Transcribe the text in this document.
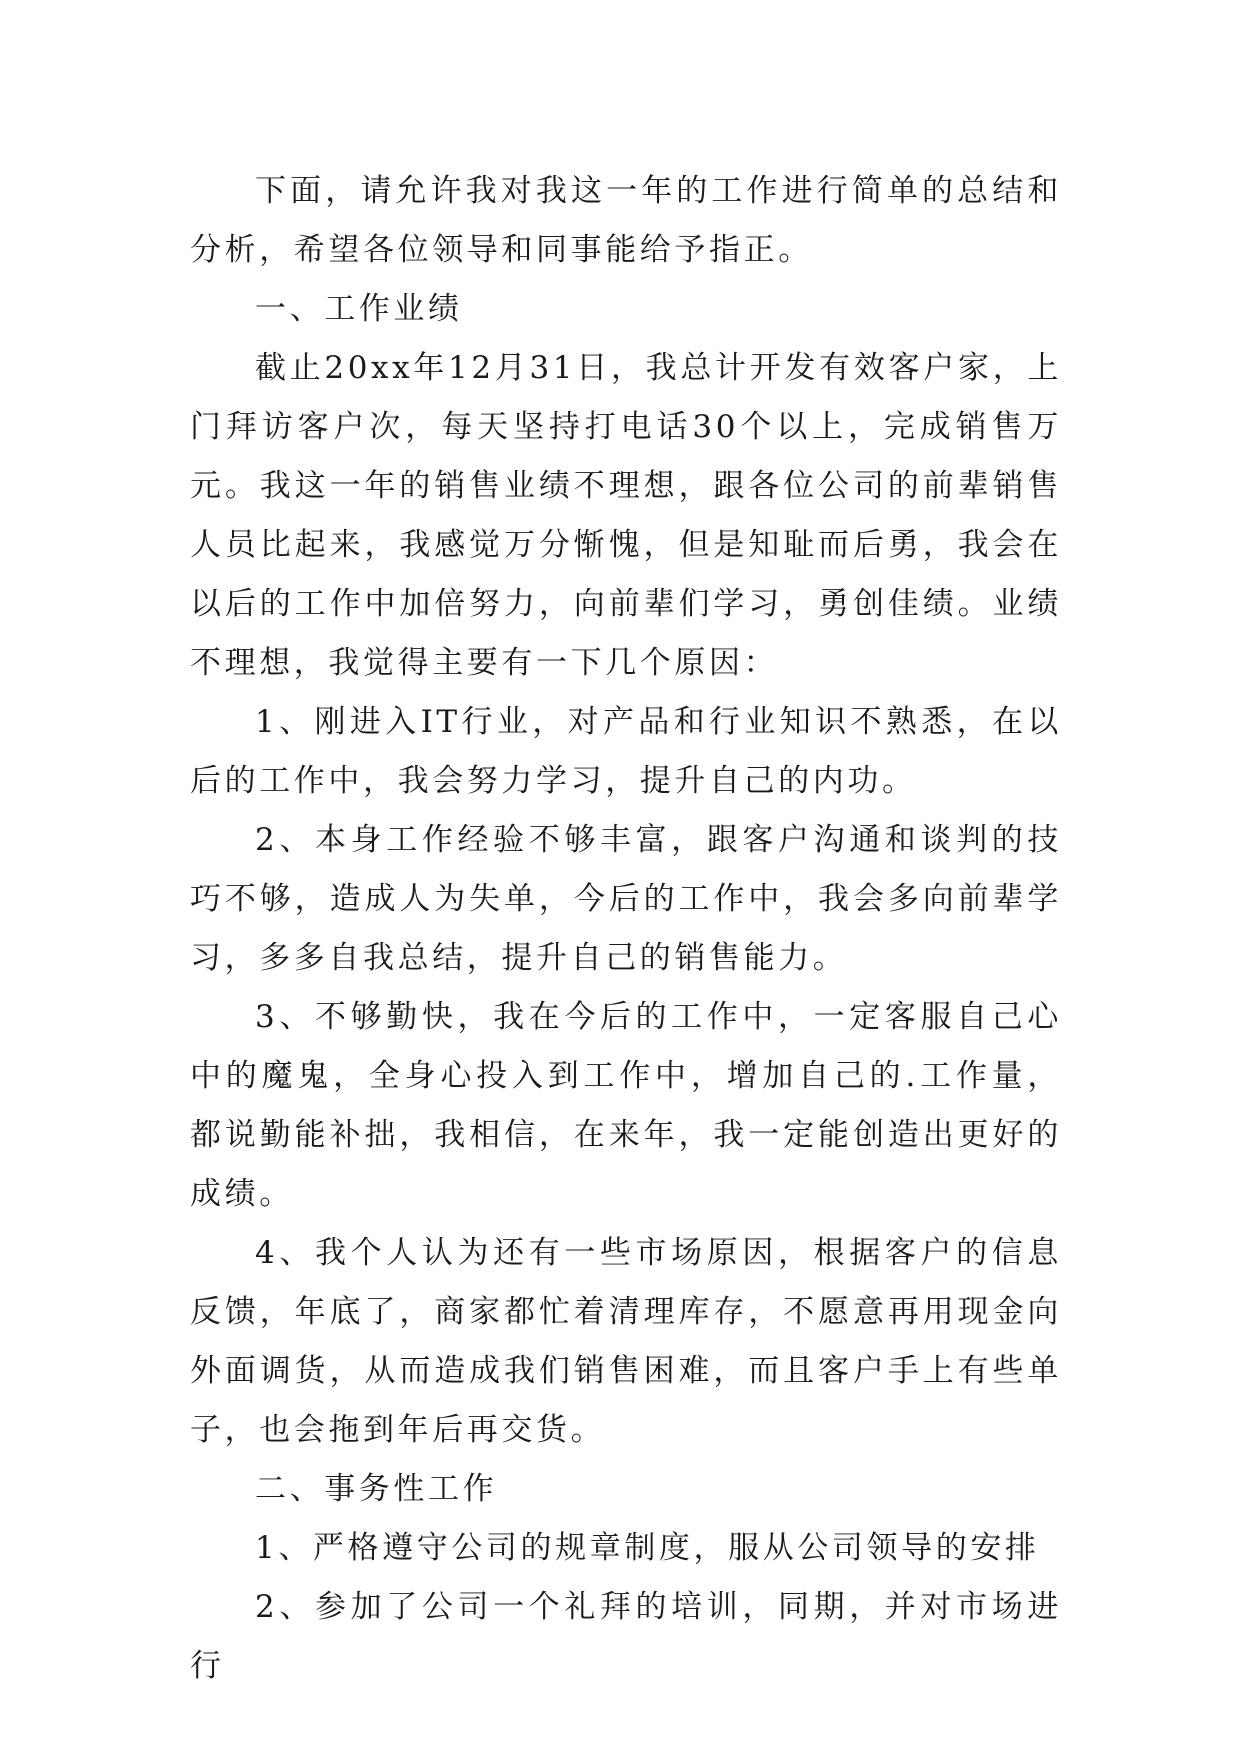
下面，请允许我对我这一年的工作进行简单的总结和分析，希望各位领导和同事能给予指正。

一、工作业绩

截止20xx年12月31日，我总计开发有效客户家，上门拜访客户次，每天坚持打电话30个以上，完成销售万元。我这一年的销售业绩不理想，跟各位公司的前辈销售人员比起来，我感觉万分惭愧，但是知耻而后勇，我会在以后的工作中加倍努力，向前辈们学习，勇创佳绩。业绩不理想，我觉得主要有一下几个原因：

1、刚进入IT行业，对产品和行业知识不熟悉，在以后的工作中，我会努力学习，提升自己的内功。

2、本身工作经验不够丰富，跟客户沟通和谈判的技巧不够，造成人为失单，今后的工作中，我会多向前辈学习，多多自我总结，提升自己的销售能力。

3、不够勤快，我在今后的工作中，一定客服自己心中的魔鬼，全身心投入到工作中，增加自己的.工作量，都说勤能补拙，我相信，在来年，我一定能创造出更好的成绩。

4、我个人认为还有一些市场原因，根据客户的信息反馈，年底了，商家都忙着清理库存，不愿意再用现金向外面调货，从而造成我们销售困难，而且客户手上有些单子，也会拖到年后再交货。

二、事务性工作

1、严格遵守公司的规章制度，服从公司领导的安排

2、参加了公司一个礼拜的培训，同期，并对市场进行
